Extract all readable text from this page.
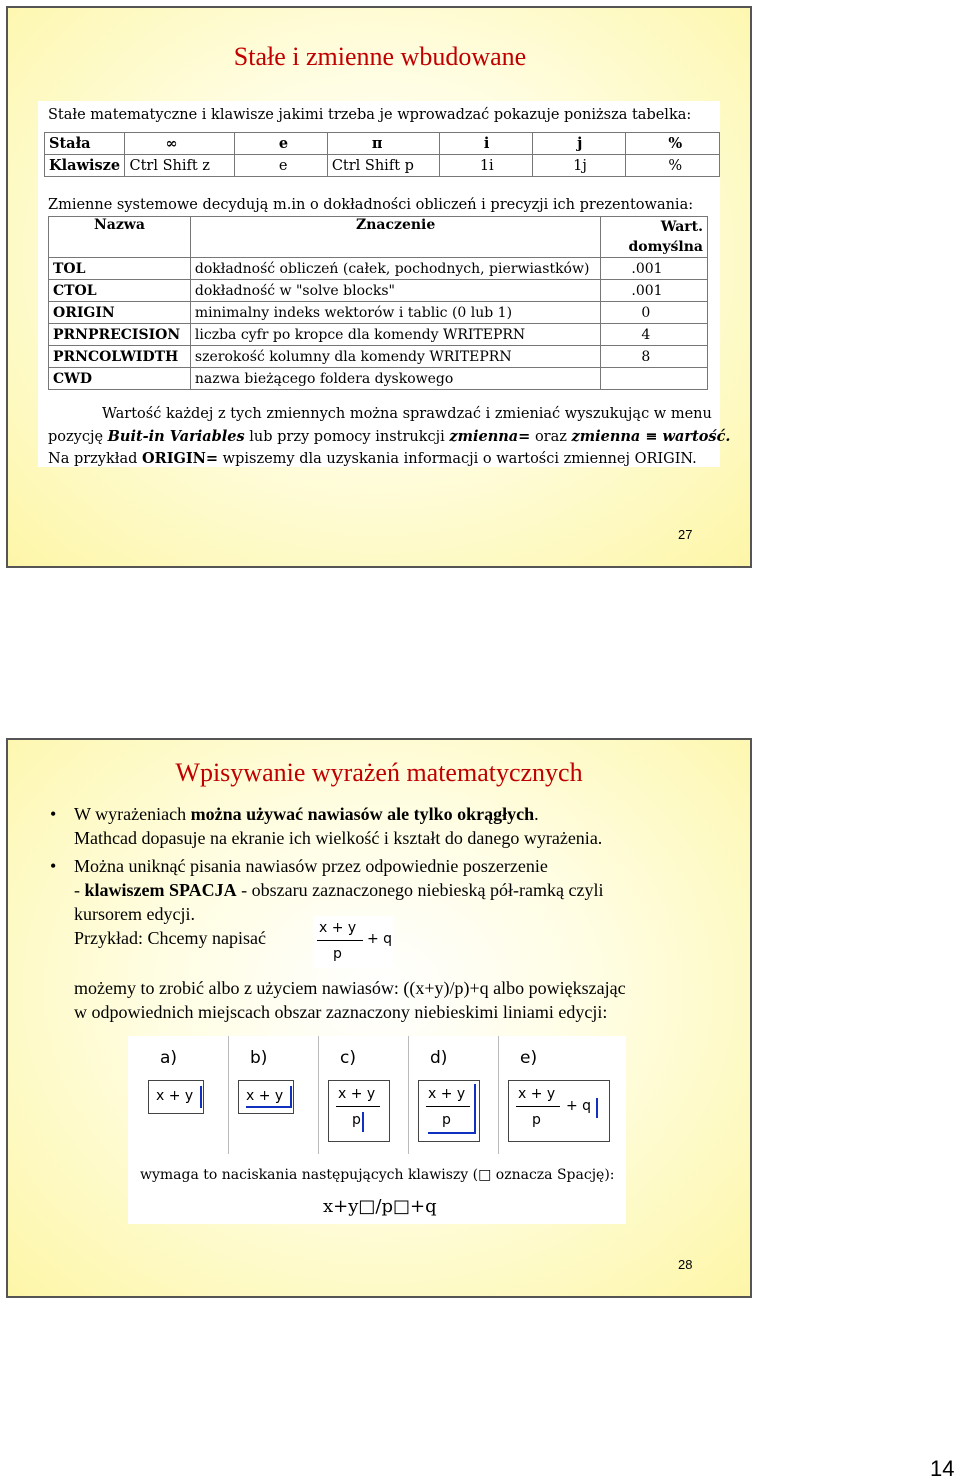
Stałe i zmienne wbudowane
Stałe matematyczne i klawisze jakimi trzeba je wprowadzać pokazuje poniższa tabelka:
Stała	∞	e	π	i	j	%
Klawisze	Ctrl Shift z	e	Ctrl Shift p	1i	1j	%
Zmienne systemowe decydują m.in o dokładności obliczeń i precyzji ich prezentowania:
Nazwa	Znaczenie	Wart. domyślna
TOL	dokładność obliczeń (całek, pochodnych, pierwiastków)	.001
CTOL	dokładność w "solve blocks"	.001
ORIGIN	minimalny indeks wektorów i tablic (0 lub 1)	0
PRNPRECISION	liczba cyfr po kropce dla komendy WRITEPRN	4
PRNCOLWIDTH	szerokość kolumny dla komendy WRITEPRN	8
CWD	nazwa bieżącego foldera dyskowego	
Wartość każdej z tych zmiennych można sprawdzać i zmieniać wyszukując w menu
pozycję Buit-in Variables lub przy pomocy instrukcji zmienna= oraz zmienna ≡ wartość.
Na przykład ORIGIN= wpiszemy dla uzyskania informacji o wartości zmiennej ORIGIN.
27
Wpisywanie wyrażeń matematycznych
• W wyrażeniach można używać nawiasów ale tylko okrągłych.
Mathcad dopasuje na ekranie ich wielkość i kształt do danego wyrażenia.
• Można uniknąć pisania nawiasów przez odpowiednie poszerzenie
- klawiszem SPACJA - obszaru zaznaczonego niebieską pół-ramką czyli
kursorem edycji.
Przykład: Chcemy napisać
możemy to zrobić albo z użyciem nawiasów: ((x+y)/p)+q albo powiększając
w odpowiednich miejscach obszar zaznaczony niebieskimi liniami edycji:
x + y
p
+ q
a)
x + y
b)
x + y
c)
x + y
p
d)
x + y
p
e)
x + y
p
+ q
wymaga to naciskania następujących klawiszy (□ oznacza Spację):
x+y□/p□+q
28
14
